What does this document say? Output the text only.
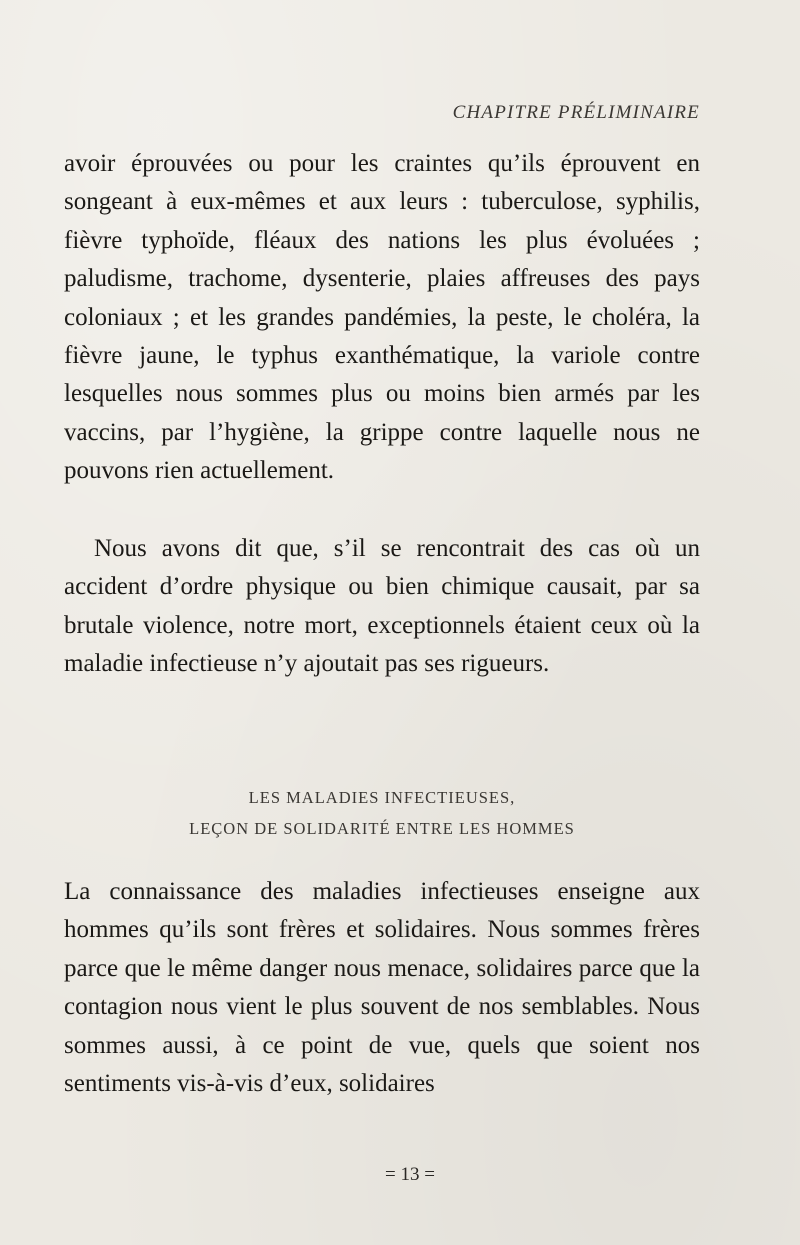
CHAPITRE PRÉLIMINAIRE

avoir éprouvées ou pour les craintes qu’ils éprouvent en songeant à eux-mêmes et aux leurs : tuberculose, syphilis, fièvre typhoïde, fléaux des nations les plus évoluées ; paludisme, trachome, dysenterie, plaies affreuses des pays coloniaux ; et les grandes pandémies, la peste, le choléra, la fièvre jaune, le typhus exanthématique, la variole contre lesquelles nous sommes plus ou moins bien armés par les vaccins, par l’hygiène, la grippe contre laquelle nous ne pouvons rien actuellement.

Nous avons dit que, s’il se rencontrait des cas où un accident d’ordre physique ou bien chimique causait, par sa brutale violence, notre mort, exceptionnels étaient ceux où la maladie infectieuse n’y ajoutait pas ses rigueurs.

LES MALADIES INFECTIEUSES,
LEÇON DE SOLIDARITÉ ENTRE LES HOMMES

La connaissance des maladies infectieuses enseigne aux hommes qu’ils sont frères et solidaires. Nous sommes frères parce que le même danger nous menace, solidaires parce que la contagion nous vient le plus souvent de nos semblables. Nous sommes aussi, à ce point de vue, quels que soient nos sentiments vis-à-vis d’eux, solidaires

= 13 =
